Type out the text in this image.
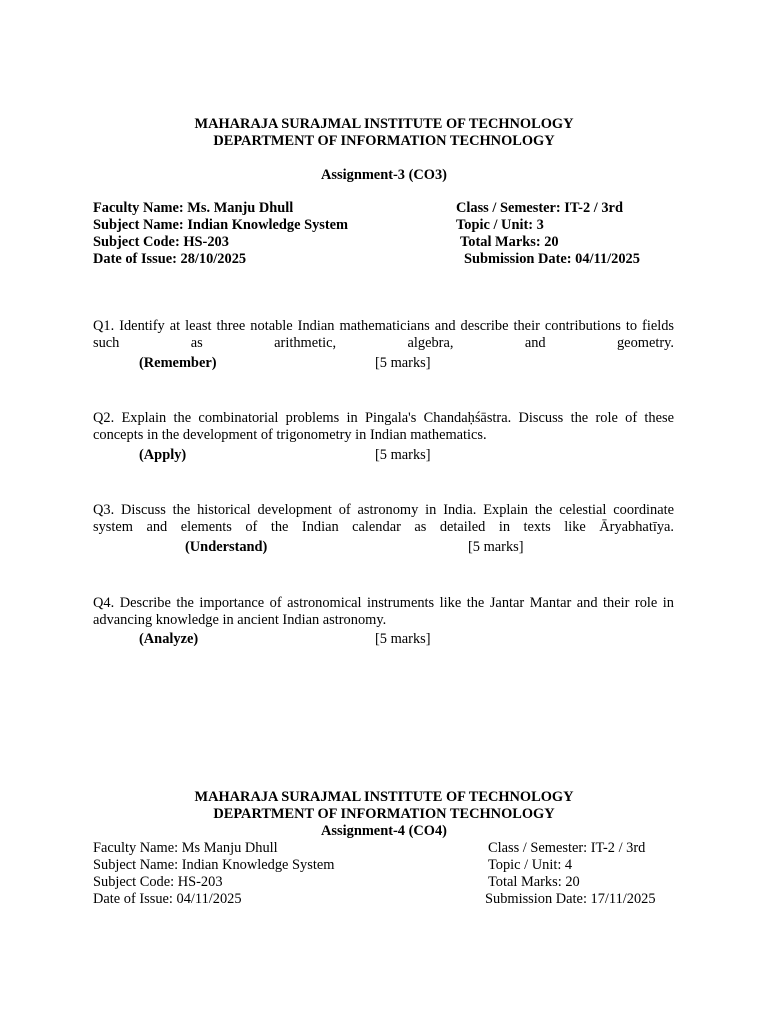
MAHARAJA SURAJMAL INSTITUTE OF TECHNOLOGY
DEPARTMENT OF INFORMATION TECHNOLOGY
Assignment-3 (CO3)
Faculty Name: Ms. Manju Dhull	Class / Semester: IT-2 / 3rd
Subject Name: Indian Knowledge System	Topic / Unit: 3
Subject Code: HS-203	Total Marks: 20
Date of Issue: 28/10/2025	Submission Date: 04/11/2025
Q1. Identify at least three notable Indian mathematicians and describe their contributions to fields such as arithmetic, algebra, and geometry.
(Remember)	[5 marks]
Q2. Explain the combinatorial problems in Pingala's Chandaḥśāstra. Discuss the role of these concepts in the development of trigonometry in Indian mathematics.
(Apply)	[5 marks]
Q3. Discuss the historical development of astronomy in India. Explain the celestial coordinate system and elements of the Indian calendar as detailed in texts like Āryabhatīya.
(Understand)	[5 marks]
Q4. Describe the importance of astronomical instruments like the Jantar Mantar and their role in advancing knowledge in ancient Indian astronomy.
(Analyze)	[5 marks]
MAHARAJA SURAJMAL INSTITUTE OF TECHNOLOGY
DEPARTMENT OF INFORMATION TECHNOLOGY
Assignment-4 (CO4)
Faculty Name: Ms Manju Dhull	Class / Semester: IT-2 / 3rd
Subject Name: Indian Knowledge System	Topic / Unit: 4
Subject Code: HS-203	Total Marks: 20
Date of Issue: 04/11/2025	Submission Date: 17/11/2025
